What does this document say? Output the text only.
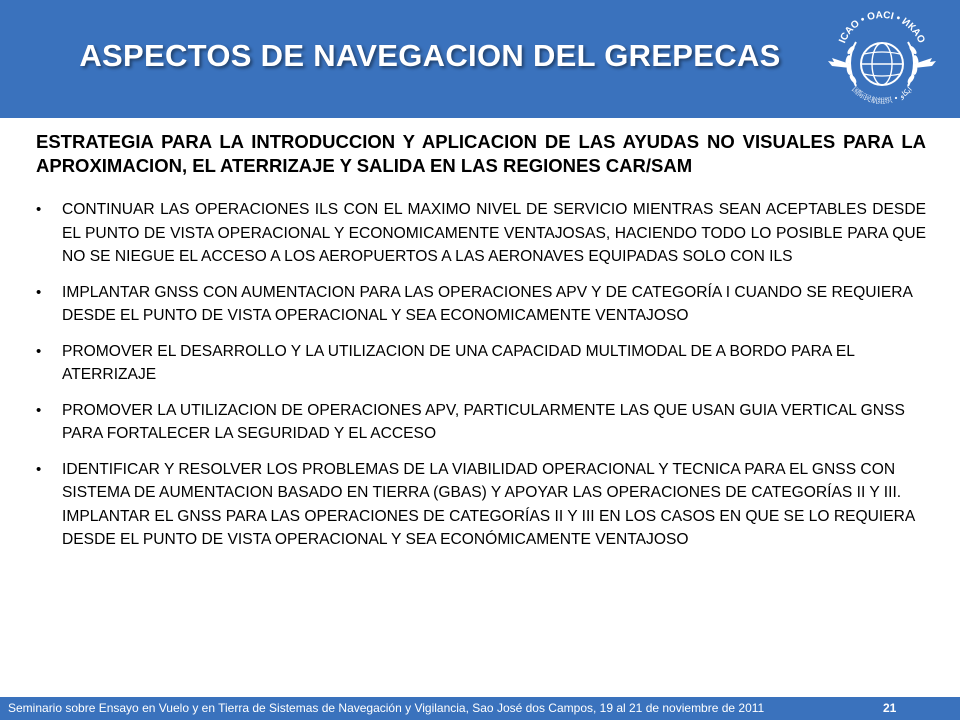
ASPECTOS DE NAVEGACION DEL GREPECAS	ICAO • OACI • ИКАО
国际民航组织 • ايكاو
ESTRATEGIA PARA LA INTRODUCCION Y APLICACION DE LAS AYUDAS NO VISUALES PARA LA APROXIMACION, EL ATERRIZAJE Y SALIDA EN LAS REGIONES CAR/SAM
• CONTINUAR LAS OPERACIONES ILS CON EL MAXIMO NIVEL DE SERVICIO MIENTRAS SEAN ACEPTABLES DESDE EL PUNTO DE VISTA OPERACIONAL Y ECONOMICAMENTE VENTAJOSAS, HACIENDO TODO LO POSIBLE PARA QUE NO SE NIEGUE EL ACCESO A LOS AEROPUERTOS A LAS AERONAVES EQUIPADAS SOLO CON ILS
• IMPLANTAR GNSS CON AUMENTACION PARA LAS OPERACIONES APV Y DE CATEGORÍA I CUANDO SE REQUIERA DESDE EL PUNTO DE VISTA OPERACIONAL Y SEA ECONOMICAMENTE VENTAJOSO
• PROMOVER EL DESARROLLO Y LA UTILIZACION DE UNA CAPACIDAD MULTIMODAL DE A BORDO PARA EL ATERRIZAJE
• PROMOVER LA UTILIZACION DE OPERACIONES APV, PARTICULARMENTE LAS QUE USAN GUIA VERTICAL GNSS PARA FORTALECER LA SEGURIDAD Y EL ACCESO
• IDENTIFICAR Y RESOLVER LOS PROBLEMAS DE LA VIABILIDAD OPERACIONAL Y TECNICA PARA EL GNSS CON SISTEMA DE AUMENTACION BASADO EN TIERRA (GBAS) Y APOYAR LAS OPERACIONES DE CATEGORÍAS II Y III. IMPLANTAR EL GNSS PARA LAS OPERACIONES DE CATEGORÍAS II Y III EN LOS CASOS EN QUE SE LO REQUIERA DESDE EL PUNTO DE VISTA OPERACIONAL Y SEA ECONÓMICAMENTE VENTAJOSO
Seminario sobre Ensayo en Vuelo y en Tierra de Sistemas de Navegación y Vigilancia, Sao José dos Campos, 19 al 21 de noviembre de 2011	21
